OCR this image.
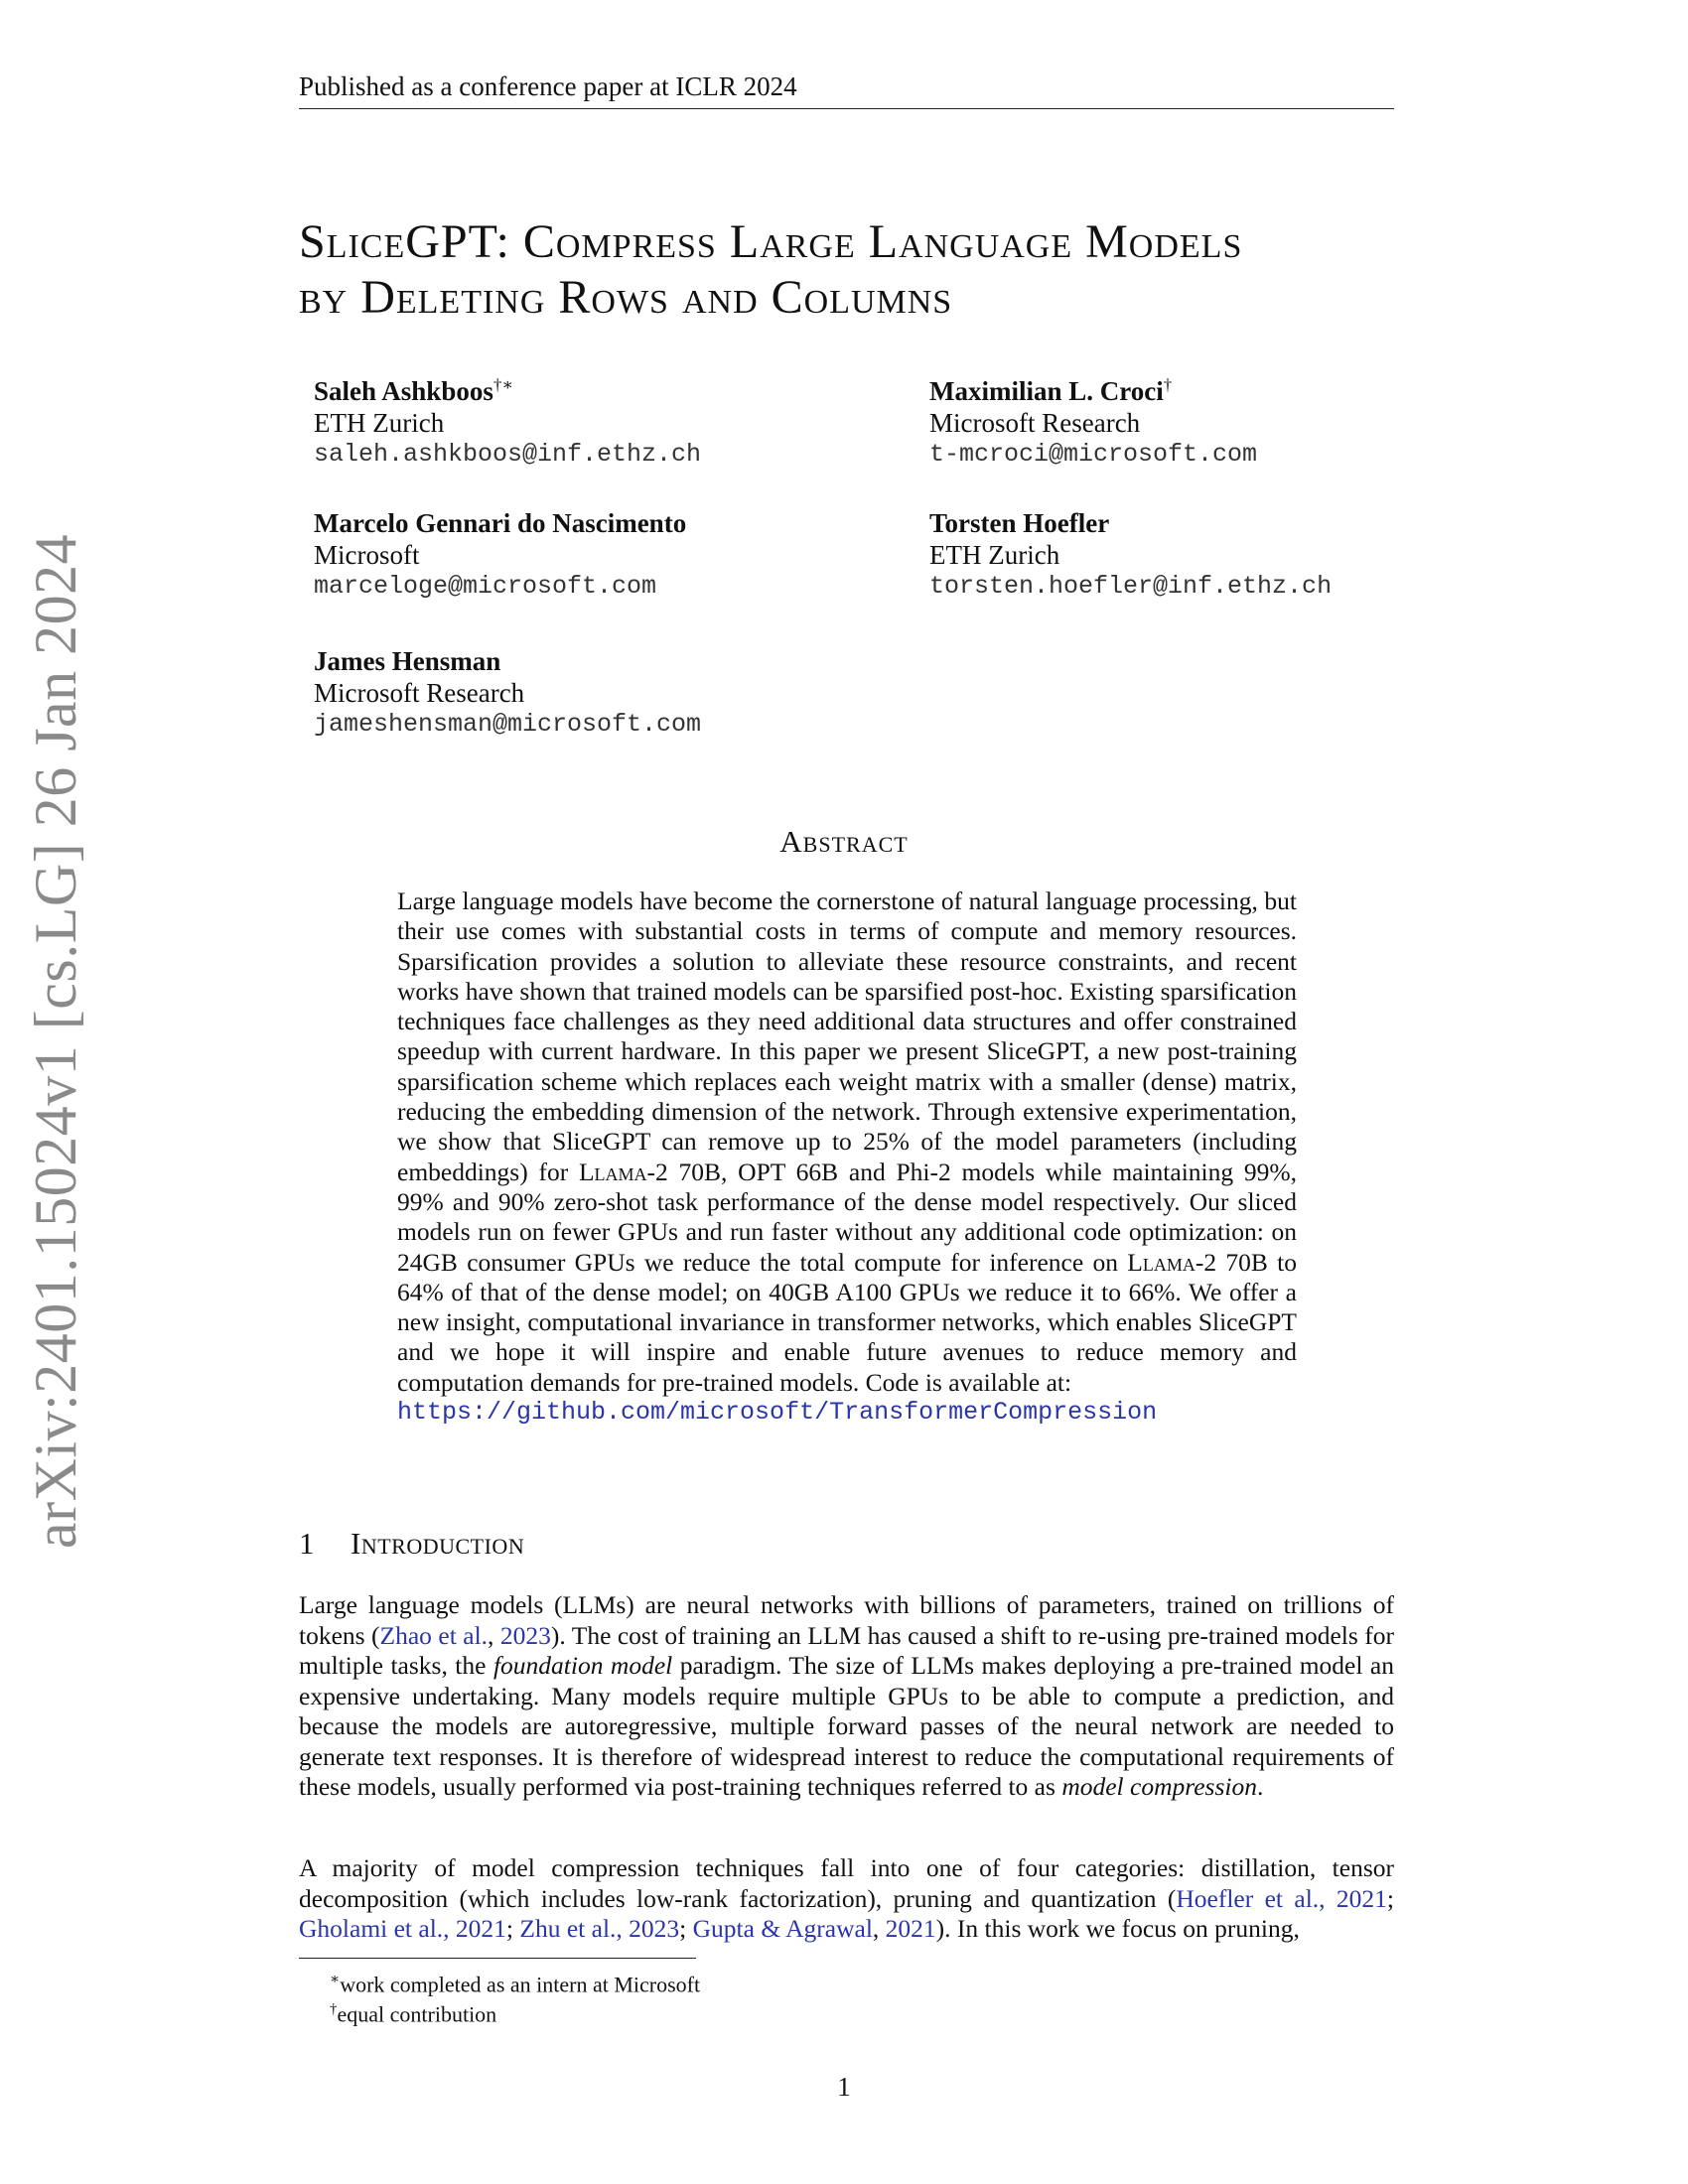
Published as a conference paper at ICLR 2024
arXiv:2401.15024v1 [cs.LG] 26 Jan 2024
SliceGPT: Compress Large Language Models
by Deleting Rows and Columns
Saleh Ashkboos†∗
ETH Zurich
saleh.ashkboos@inf.ethz.ch
Maximilian L. Croci†
Microsoft Research
t-mcroci@microsoft.com
Marcelo Gennari do Nascimento
Microsoft
marceloge@microsoft.com
Torsten Hoefler
ETH Zurich
torsten.hoefler@inf.ethz.ch
James Hensman
Microsoft Research
jameshensman@microsoft.com
Abstract
Large language models have become the cornerstone of natural language processing, but their use comes with substantial costs in terms of compute and memory resources. Sparsification provides a solution to alleviate these resource constraints, and recent works have shown that trained models can be sparsified post-hoc. Existing sparsification techniques face challenges as they need additional data structures and offer constrained speedup with current hardware. In this paper we present SliceGPT, a new post-training sparsification scheme which replaces each weight matrix with a smaller (dense) matrix, reducing the embedding dimension of the network. Through extensive experimentation, we show that SliceGPT can remove up to 25% of the model parameters (including embeddings) for Llama-2 70B, OPT 66B and Phi-2 models while maintaining 99%, 99% and 90% zero-shot task performance of the dense model respectively. Our sliced models run on fewer GPUs and run faster without any additional code optimization: on 24GB consumer GPUs we reduce the total compute for inference on Llama-2 70B to 64% of that of the dense model; on 40GB A100 GPUs we reduce it to 66%. We offer a new insight, computational invariance in transformer networks, which enables SliceGPT and we hope it will inspire and enable future avenues to reduce memory and computation demands for pre-trained models. Code is available at:
https://github.com/microsoft/TransformerCompression
1 Introduction
Large language models (LLMs) are neural networks with billions of parameters, trained on trillions of tokens (Zhao et al., 2023). The cost of training an LLM has caused a shift to re-using pre-trained models for multiple tasks, the foundation model paradigm. The size of LLMs makes deploying a pre-trained model an expensive undertaking. Many models require multiple GPUs to be able to compute a prediction, and because the models are autoregressive, multiple forward passes of the neural network are needed to generate text responses. It is therefore of widespread interest to reduce the computational requirements of these models, usually performed via post-training techniques referred to as model compression.
A majority of model compression techniques fall into one of four categories: distillation, tensor decomposition (which includes low-rank factorization), pruning and quantization (Hoefler et al., 2021; Gholami et al., 2021; Zhu et al., 2023; Gupta & Agrawal, 2021). In this work we focus on pruning,
∗work completed as an intern at Microsoft
†equal contribution
1
